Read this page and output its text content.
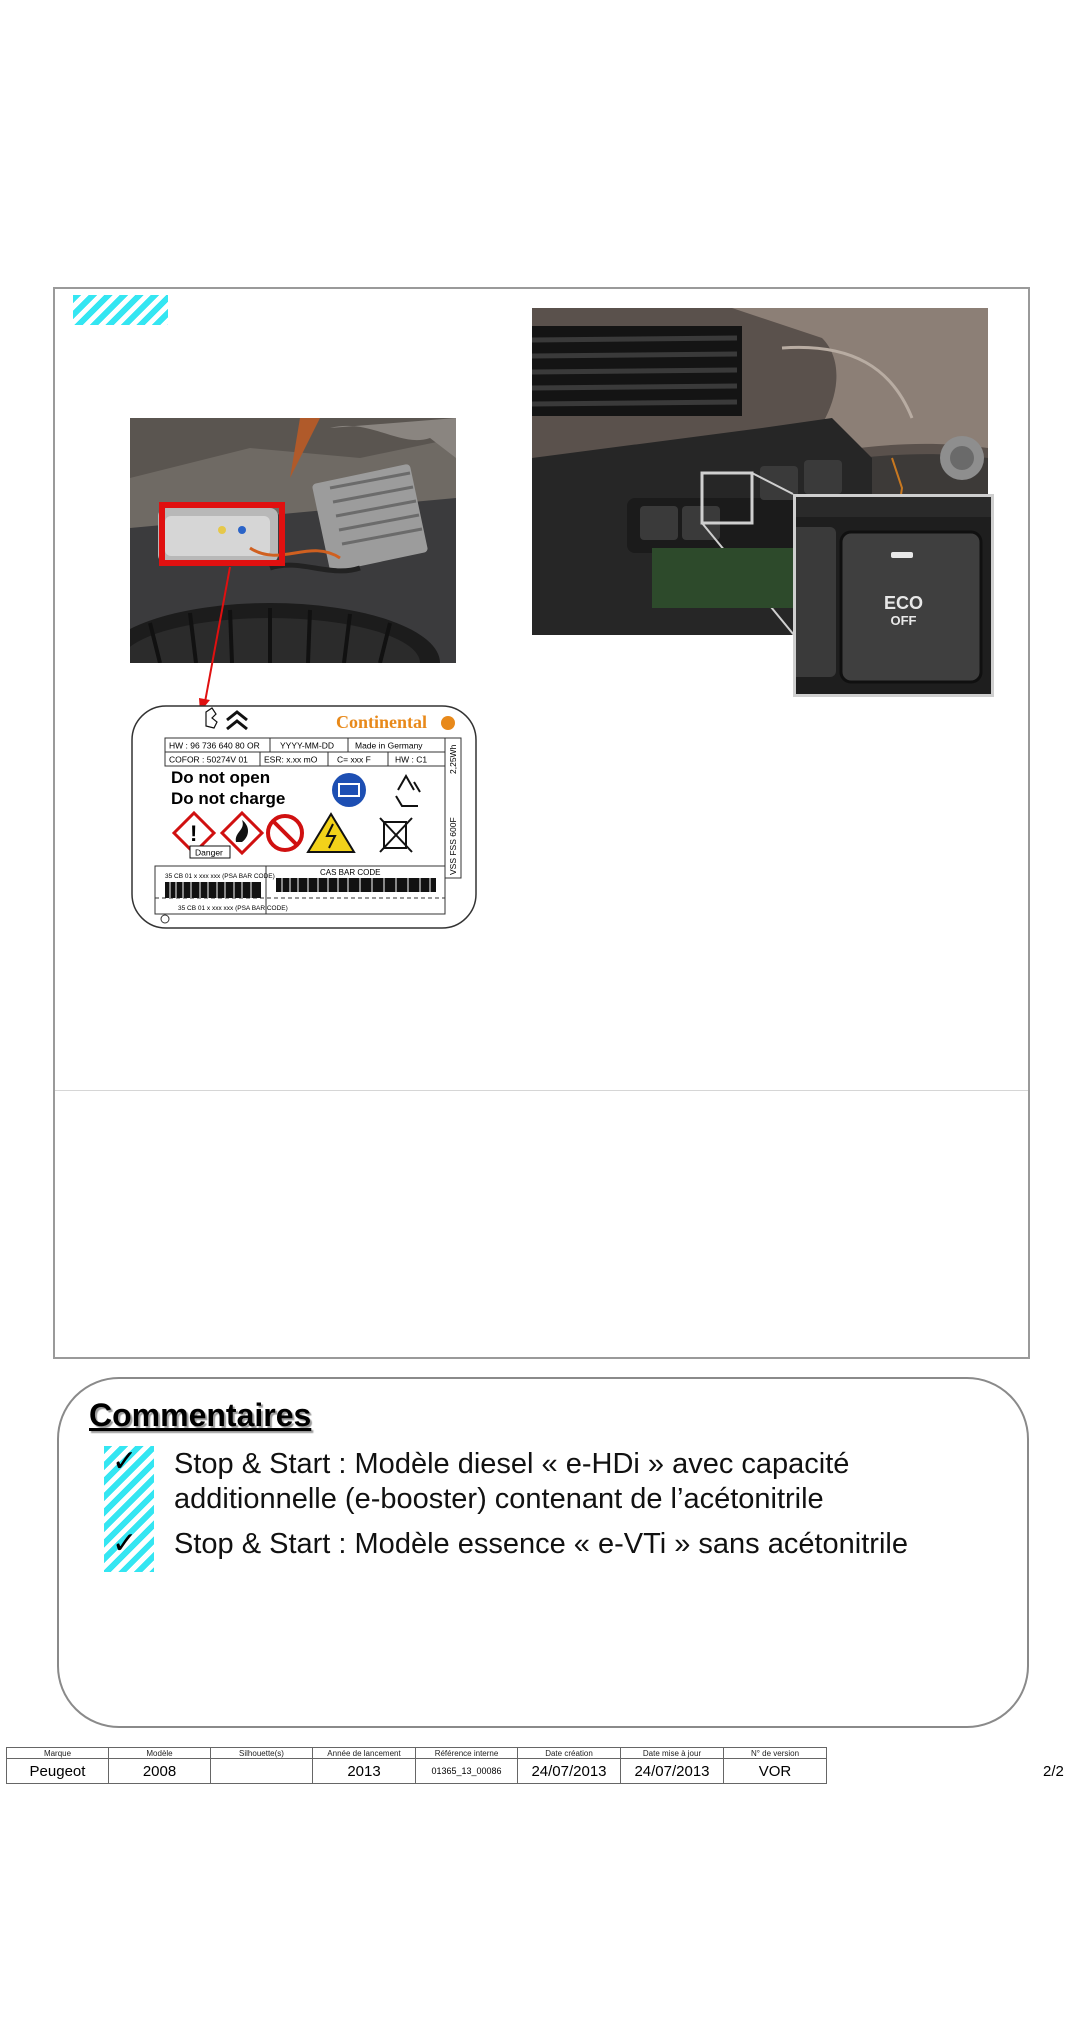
Continental
HW : 96 736 640 80 OR YYYY-MM-DD Made in Germany
COFOR : 50274V 01 ESR: x.xx mO C= xxx F	HW : C1
VSS FSS 600F
2,25Wh
Do not open
Do not charge
!
Danger
35 CB 01 x xxx xxx (PSA BAR CODE)	CAS BAR CODE
35 CB 01 x xxx xxx (PSA BAR CODE)
ECO
OFF
Commentaires
✓
✓
Stop & Start : Modèle diesel « e-HDi » avec capacité additionnelle (e-booster) contenant de l’acétonitrile
Stop & Start : Modèle essence « e-VTi » sans acétonitrile
Marque	Modèle	Silhouette(s)	Année de lancement	Référence interne	Date création	Date mise à jour	N° de version
Peugeot	2008		2013	01365_13_00086	24/07/2013	24/07/2013	VOR	2/2
